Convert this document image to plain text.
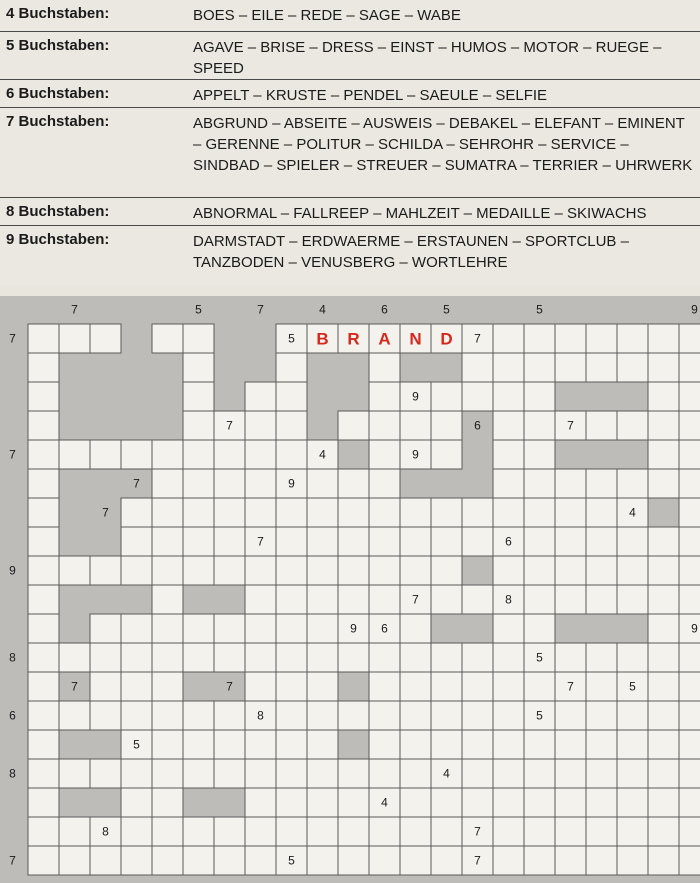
4 Buchstaben:	BOES – EILE – REDE – SAGE – WABE
5 Buchstaben:	AGAVE – BRISE – DRESS – EINST – HUMOS – MOTOR – RUEGE – SPEED
6 Buchstaben:	APPELT – KRUSTE – PENDEL – SAEULE – SELFIE
7 Buchstaben:	ABGRUND – ABSEITE – AUSWEIS – DEBAKEL – ELEFANT – EMINENT – GERENNE – POLITUR – SCHILDA – SEHROHR – SERVICE – SINDBAD – SPIELER – STREUER – SUMATRA – TERRIER – UHRWERK
8 Buchstaben:	ABNORMAL – FALLREEP – MAHLZEIT – MEDAILLE – SKIWACHS
9 Buchstaben:	DARMSTADT – ERDWAERME – ERSTAUNEN – SPORTCLUB – TANZBODEN – VENUSBERG – WORTLEHRE
B R A N D
7	5	7	4	6	5	5	9
7	5	7
9
7	6	7
7	9
4
7	9
7	4
7	6
9
7	8
6
9	9
8	5
7	7	7	5
6	8	5
5
8	4
4
8	7
7	5	7
